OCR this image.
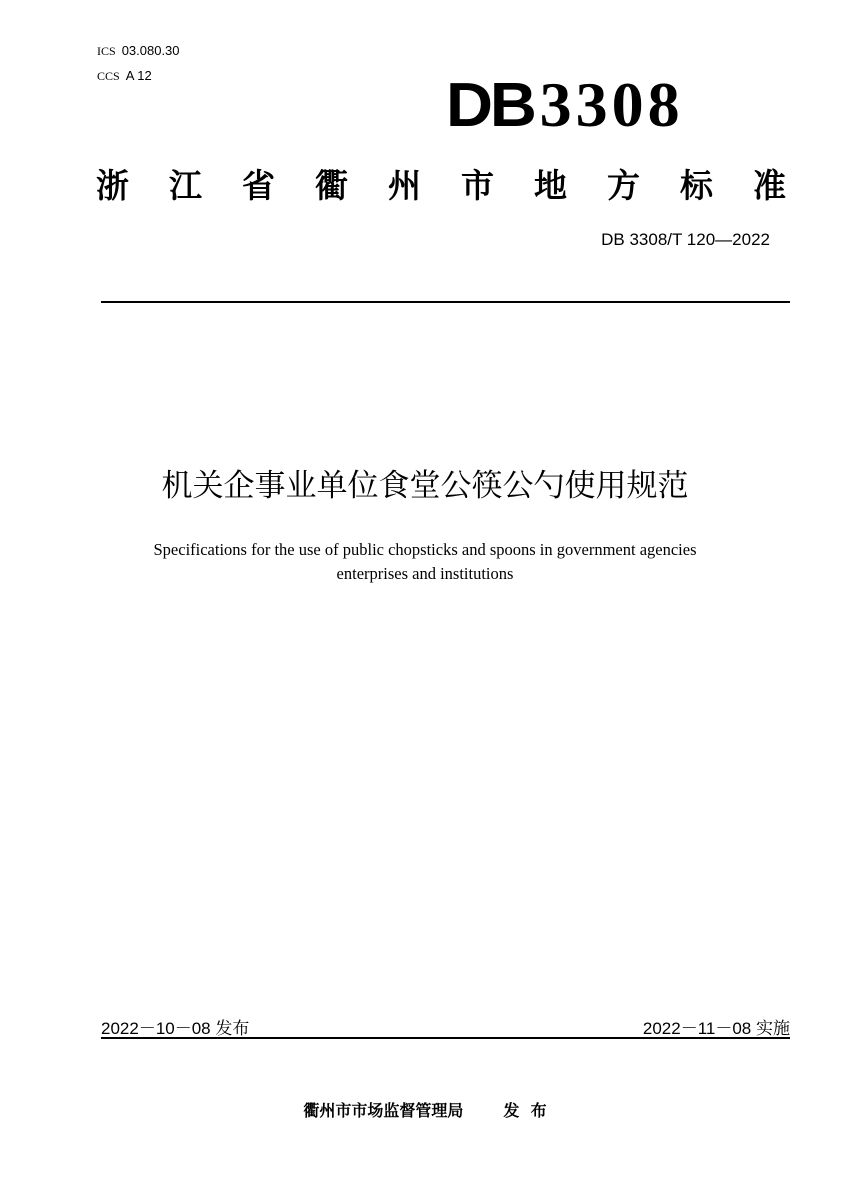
ICS 03.080.30
CCS A 12	DB 3308
浙 江 省 衢 州 市 地 方 标 准
DB 3308/T 120—2022
机关企事业单位食堂公筷公勺使用规范
Specifications for the use of public chopsticks and spoons in government agencies
enterprises and institutions
2022－10－08 发布	2022－11－08 实施
衢州市市场监督管理局	发  布
